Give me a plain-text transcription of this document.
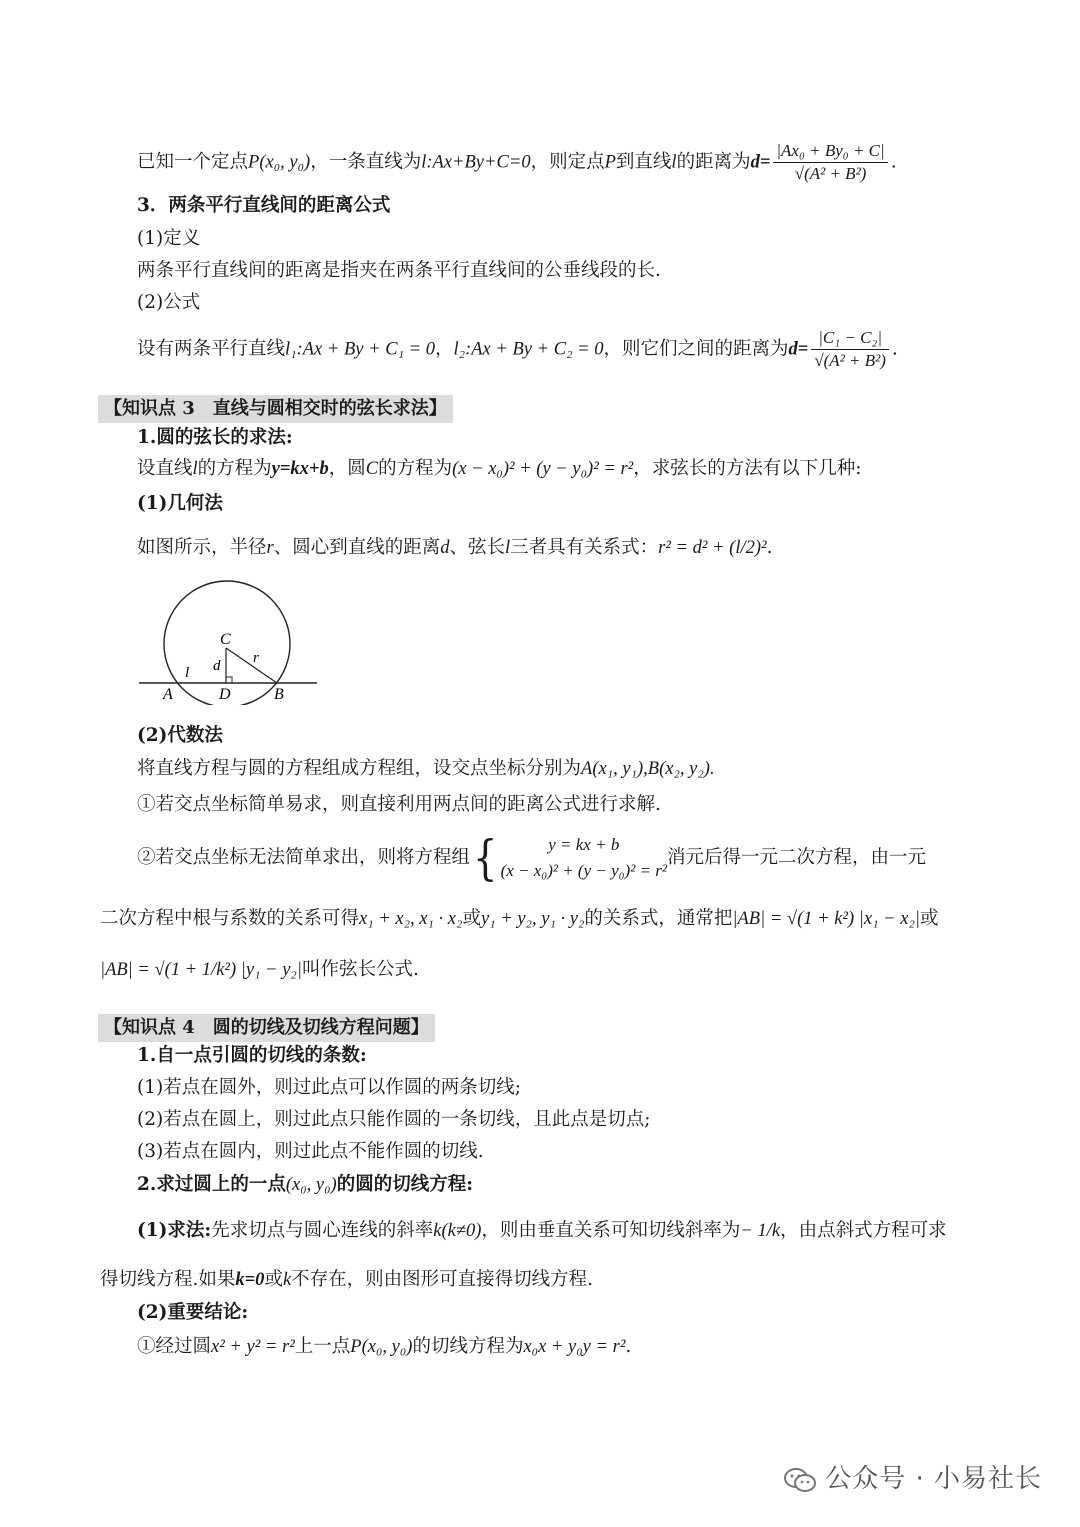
已知一个定点P(x₀, y₀)，一条直线为l:Ax+By+C=0，则定点P到直线l的距离为$d= \frac{\text{|Ax₀ + By₀ + C|}}{\text{√(A² + B²)}}$ .
3．两条平行直线间的距离公式
(1)定义
两条平行直线间的距离是指夹在两条平行直线间的公垂线段的长.
(2)公式
设有两条平行直线l₁:Ax + By + C₁ = 0，l₂:Ax + By + C₂ = 0，则它们之间的距离为$d= \frac{\text{|C₁ − C₂|}}{\text{√(A² + B²)}}$ .
【知识点 3　直线与圆相交时的弦长求法】
1.圆的弦长的求法:
设直线l的方程为y=kx+b，圆C的方程为(x − x₀)² + (y − y₀)² = r²，求弦长的方法有以下几种:
(1)几何法
如图所示，半径r、圆心到直线的距离d、弦长l三者具有关系式：r² = d² + (l/2)².
C
d r
l
A	D	B
(2)代数法
将直线方程与圆的方程组成方程组，设交点坐标分别为A(x₁, y₁),B(x₂, y₂).
①若交点坐标简单易求，则直接利用两点间的距离公式进行求解.
②若交点坐标无法简单求出，则将方程组{	y = kx + b
(x − x₀)² + (y − y₀)² = r²
消元后得一元二次方程，由一元
二次方程中根与系数的关系可得x₁ + x₂, x₁ · x₂或y₁ + y₂, y₁ · y₂的关系式，通常把|AB| = √(1 + k²) |x₁ − x₂|或
|AB| = √(1 + 1/k²) |y₁ − y₂|叫作弦长公式.
【知识点 4　圆的切线及切线方程问题】
1.自一点引圆的切线的条数:
(1)若点在圆外，则过此点可以作圆的两条切线;
(2)若点在圆上，则过此点只能作圆的一条切线，且此点是切点;
(3)若点在圆内，则过此点不能作圆的切线.
2.求过圆上的一点(x₀, y₀)的圆的切线方程:
(1)求法:先求切点与圆心连线的斜率k(k≠0)，则由垂直关系可知切线斜率为− 1/k，由点斜式方程可求
得切线方程.如果k=0或k不存在，则由图形可直接得切线方程.
(2)重要结论:
①经过圆x² + y² = r²上一点P(x₀, y₀)的切线方程为x₀x + y₀y = r².
公众号 · 小易社长
